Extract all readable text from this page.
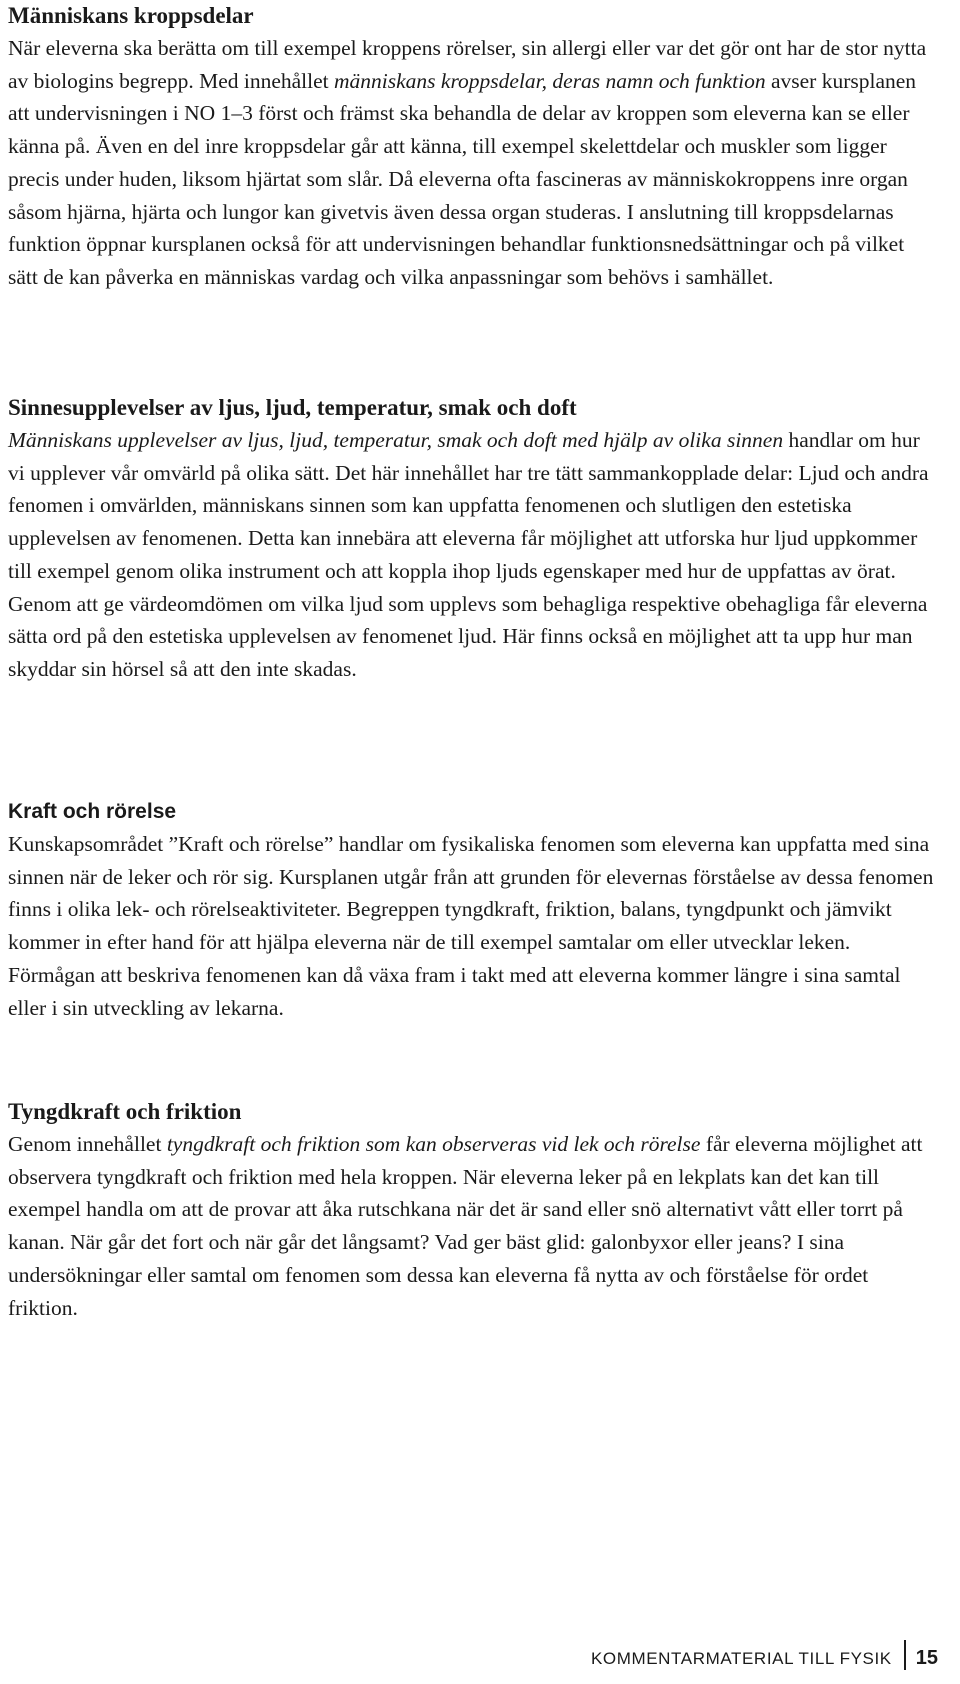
Människans kroppsdelar

När eleverna ska berätta om till exempel kroppens rörelser, sin allergi eller var det gör ont har de stor nytta av biologins begrepp. Med innehållet människans kroppsdelar, deras namn och funktion avser kursplanen att undervisningen i NO 1–3 först och främst ska behandla de delar av kroppen som eleverna kan se eller känna på. Även en del inre kroppsdelar går att känna, till exempel skelettdelar och muskler som ligger precis under huden, liksom hjärtat som slår. Då eleverna ofta fascineras av människokroppens inre organ såsom hjärna, hjärta och lungor kan givetvis även dessa organ studeras. I anslutning till kroppsdelarnas funktion öppnar kursplanen också för att undervisningen behandlar funktionsnedsättningar och på vilket sätt de kan påverka en människas vardag och vilka anpassningar som behövs i samhället.

Sinnesupplevelser av ljus, ljud, temperatur, smak och doft

Människans upplevelser av ljus, ljud, temperatur, smak och doft med hjälp av olika sinnen handlar om hur vi upplever vår omvärld på olika sätt. Det här innehållet har tre tätt sammankopplade delar: Ljud och andra fenomen i omvärlden, människans sinnen som kan uppfatta fenomenen och slutligen den estetiska upplevelsen av fenomenen. Detta kan innebära att eleverna får möjlighet att utforska hur ljud uppkommer till exempel genom olika instrument och att koppla ihop ljuds egenskaper med hur de uppfattas av örat. Genom att ge värdeomdömen om vilka ljud som upplevs som behagliga respektive obehagliga får eleverna sätta ord på den estetiska upplevelsen av fenomenet ljud. Här finns också en möjlighet att ta upp hur man skyddar sin hörsel så att den inte skadas.

Kraft och rörelse

Kunskapsområdet ”Kraft och rörelse” handlar om fysikaliska fenomen som eleverna kan uppfatta med sina sinnen när de leker och rör sig. Kursplanen utgår från att grunden för elevernas förståelse av dessa fenomen finns i olika lek- och rörelseaktiviteter. Begreppen tyngdkraft, friktion, balans, tyngdpunkt och jämvikt kommer in efter hand för att hjälpa eleverna när de till exempel samtalar om eller utvecklar leken. Förmågan att beskriva fenomenen kan då växa fram i takt med att eleverna kommer längre i sina samtal eller i sin utveckling av lekarna.

Tyngdkraft och friktion

Genom innehållet tyngdkraft och friktion som kan observeras vid lek och rörelse får eleverna möjlighet att observera tyngdkraft och friktion med hela kroppen. När eleverna leker på en lekplats kan det kan till exempel handla om att de provar att åka rutschkana när det är sand eller snö alternativt vått eller torrt på kanan. När går det fort och när går det långsamt? Vad ger bäst glid: galonbyxor eller jeans? I sina undersökningar eller samtal om fenomen som dessa kan eleverna få nytta av och förståelse för ordet friktion.

KOMMENTARMATERIAL TILL FYSIK 15
